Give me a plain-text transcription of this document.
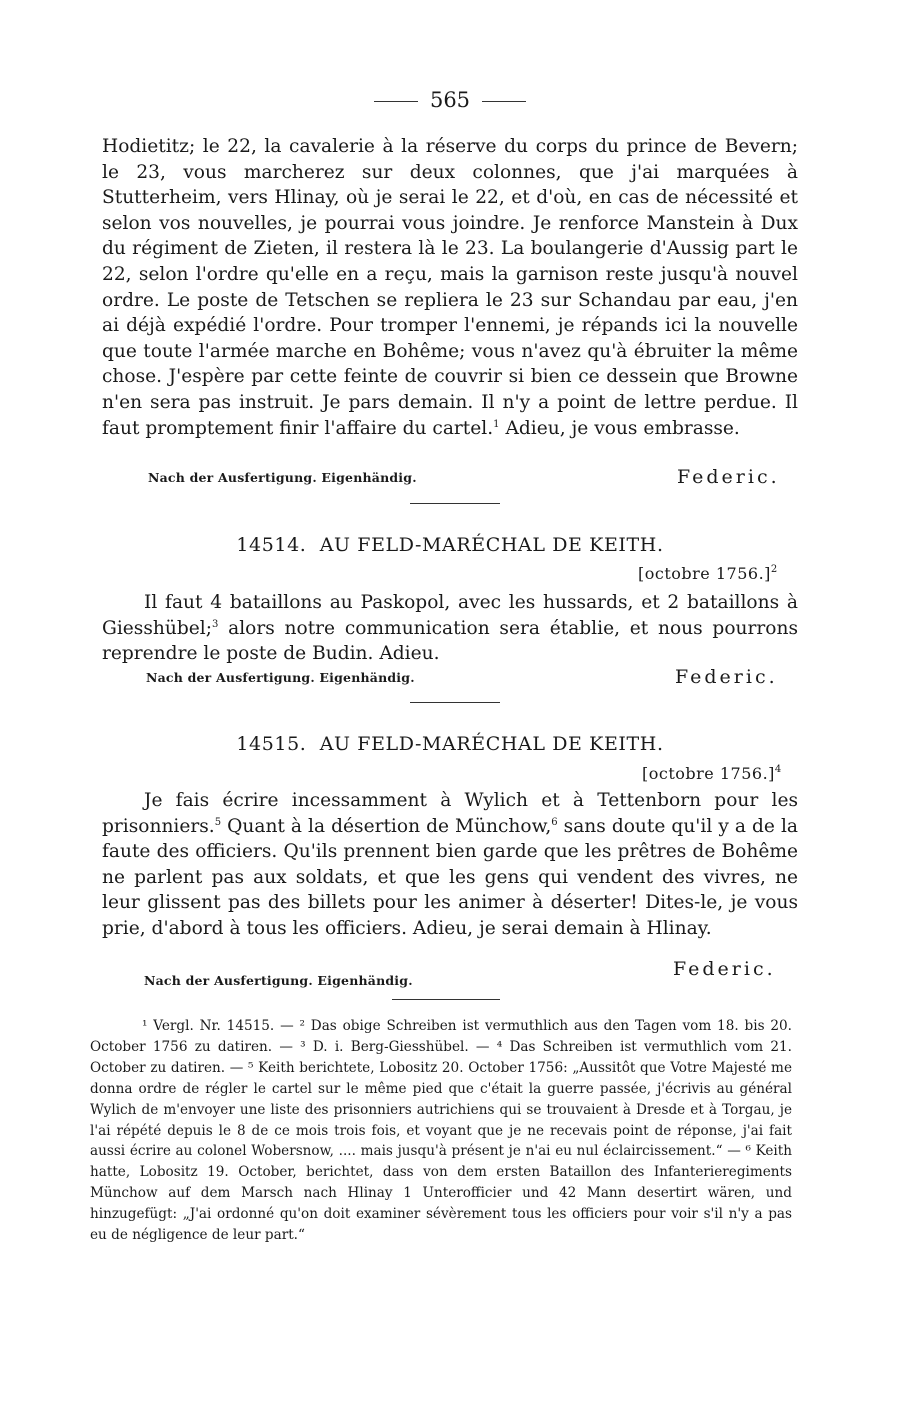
565

Hodietitz; le 22, la cavalerie à la réserve du corps du prince de Bevern; le 23, vous marcherez sur deux colonnes, que j'ai marquées à Stutterheim, vers Hlinay, où je serai le 22, et d'où, en cas de nécessité et selon vos nouvelles, je pourrai vous joindre. Je renforce Manstein à Dux du régiment de Zieten, il restera là le 23. La boulangerie d'Aussig part le 22, selon l'ordre qu'elle en a reçu, mais la garnison reste jusqu'à nouvel ordre. Le poste de Tetschen se repliera le 23 sur Schandau par eau, j'en ai déjà expédié l'ordre. Pour tromper l'ennemi, je répands ici la nouvelle que toute l'armée marche en Bohême; vous n'avez qu'à ébruiter la même chose. J'espère par cette feinte de couvrir si bien ce dessein que Browne n'en sera pas instruit. Je pars demain. Il n'y a point de lettre perdue. Il faut promptement finir l'affaire du cartel.$^1$ Adieu, je vous embrasse.

Nach der Ausfertigung. Eigenhändig.	Federic.
14514. AU FELD-MARÉCHAL DE KEITH.
[octobre 1756.]$^2$

Il faut 4 bataillons au Paskopol, avec les hussards, et 2 bataillons à Giesshübel;$^3$ alors notre communication sera établie, et nous pourrons reprendre le poste de Budin. Adieu.

Nach der Ausfertigung. Eigenhändig.	Federic.
14515. AU FELD-MARÉCHAL DE KEITH.
[octobre 1756.]$^4$

Je fais écrire incessamment à Wylich et à Tettenborn pour les prisonniers.$^5$ Quant à la désertion de Münchow,$^6$ sans doute qu'il y a de la faute des officiers. Qu'ils prennent bien garde que les prêtres de Bohême ne parlent pas aux soldats, et que les gens qui vendent des vivres, ne leur glissent pas des billets pour les animer à déserter! Dites-le, je vous prie, d'abord à tous les officiers. Adieu, je serai demain à Hlinay.

Nach der Ausfertigung. Eigenhändig.
Federic.

¹ Vergl. Nr. 14515. — ² Das obige Schreiben ist vermuthlich aus den Tagen vom 18. bis 20. October 1756 zu datiren. — ³ D. i. Berg-Giesshübel. — ⁴ Das Schreiben ist vermuthlich vom 21. October zu datiren. — ⁵ Keith berichtete, Lobositz 20. October 1756: „Aussitôt que Votre Majesté me donna ordre de régler le cartel sur le même pied que c'était la guerre passée, j'écrivis au général Wylich de m'envoyer une liste des prisonniers autrichiens qui se trouvaient à Dresde et à Torgau, je l'ai répété depuis le 8 de ce mois trois fois, et voyant que je ne recevais point de réponse, j'ai fait aussi écrire au colonel Wobersnow, .... mais jusqu'à présent je n'ai eu nul éclaircissement.“ — ⁶ Keith hatte, Lobositz 19. October, berichtet, dass von dem ersten Bataillon des Infanterieregiments Münchow auf dem Marsch nach Hlinay 1 Unterofficier und 42 Mann desertirt wären, und hinzugefügt: „J'ai ordonné qu'on doit examiner sévèrement tous les officiers pour voir s'il n'y a pas eu de négligence de leur part.“
